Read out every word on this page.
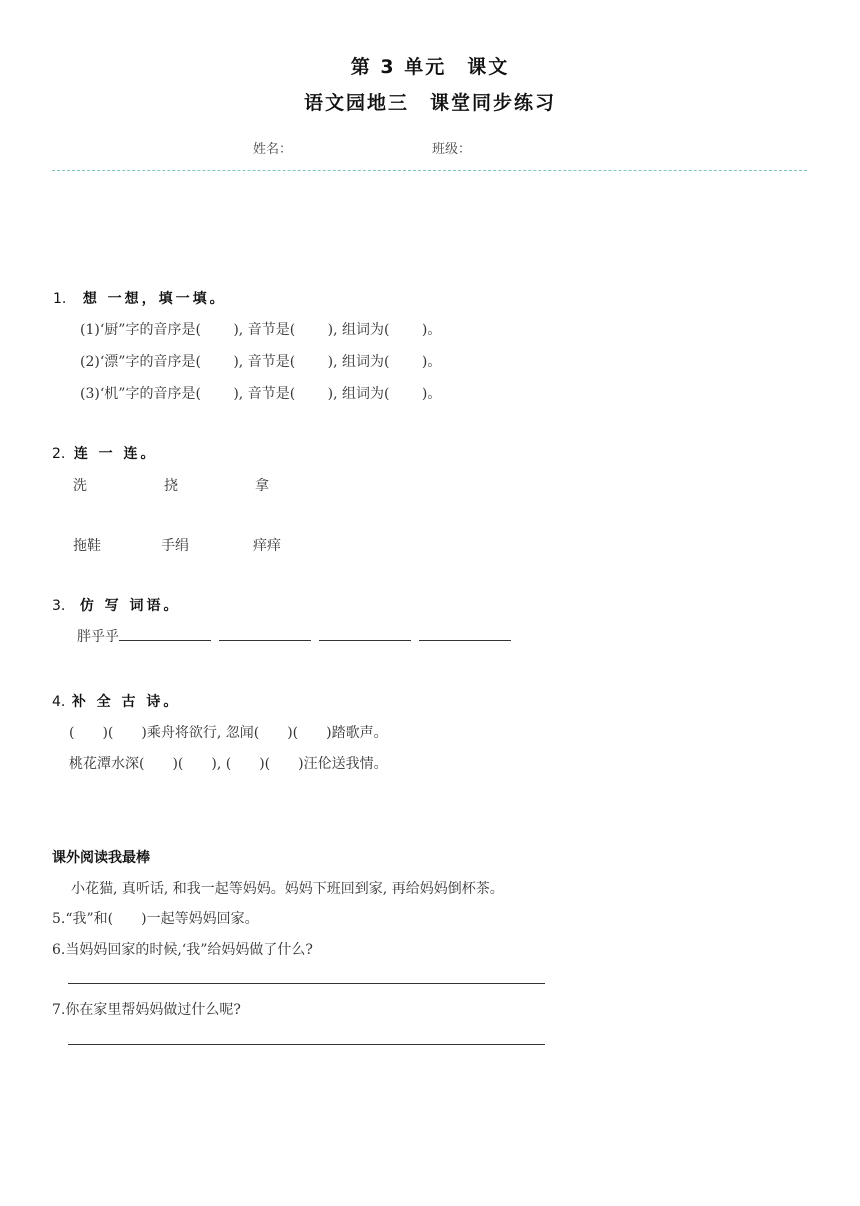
第 3 单元　课文
语文园地三　课堂同步练习
姓名：	班级：
1. 想 一想，填一填。
(1)‘厨”字的音序是(　　 ), 音节是(　　 ), 组词为(　　 )。
(2)‘漂”字的音序是(　　 ), 音节是(　　 ), 组词为(　　 )。
(3)‘机”字的音序是(　　 ), 音节是(　　 ), 组词为(　　 )。
2. 连 一 连。
洗	挠	拿
拖鞋	手绢	痒痒
3. 仿 写 词语。
胖乎乎
4. 补 全 古 诗。
(　　)(　　)乘舟将欲行, 忽闻(　　)(　　)踏歌声。
桃花潭水深(　　)(　　), (　　)(　　)汪伦送我情。
课外阅读我最棒
小花猫, 真听话, 和我一起等妈妈。妈妈下班回到家, 再给妈妈倒杯茶。
5.“我”和(　　)一起等妈妈回家。
6.当妈妈回家的时候,‘我”给妈妈做了什么?
7.你在家里帮妈妈做过什么呢?
